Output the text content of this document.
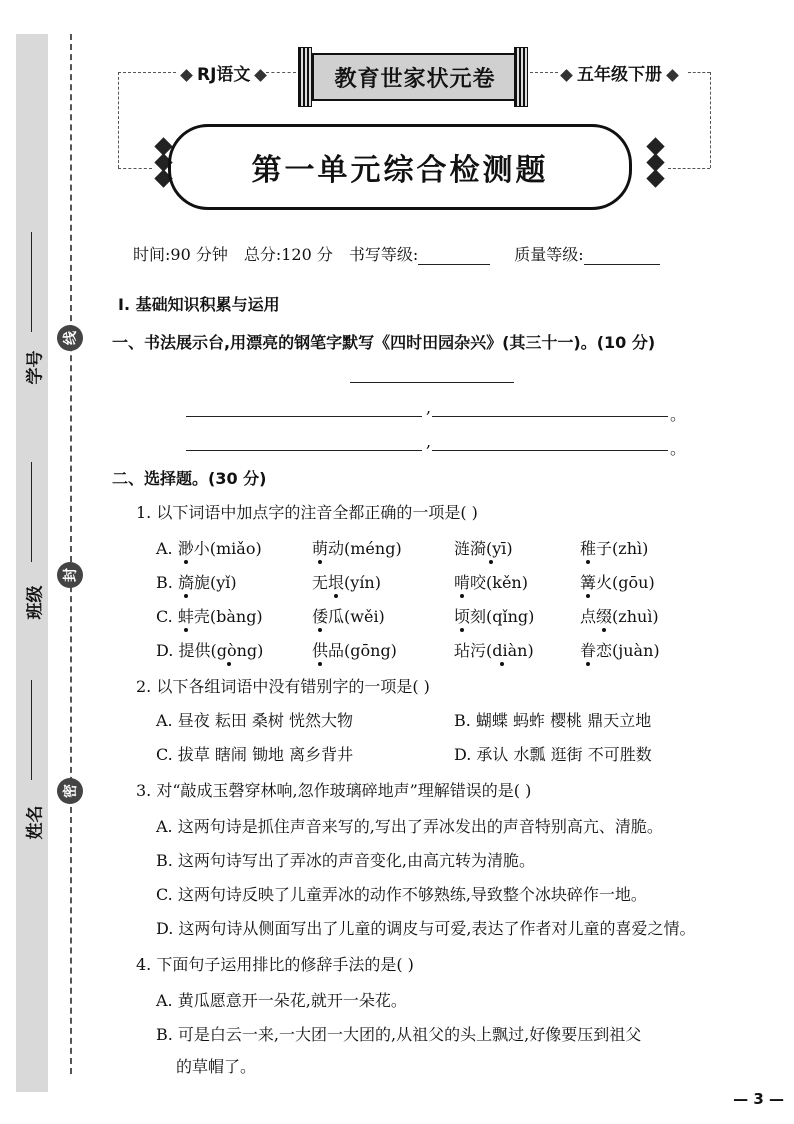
学号
班级
姓名
线
封
密
RJ语文	教育世家状元卷	五年级下册
第一单元综合检测题
时间:90 分钟 总分:120 分 书写等级:	质量等级:
Ⅰ. 基础知识积累与运用
一、书法展示台,用漂亮的钢笔字默写《四时田园杂兴》(其三十一)。(10 分)
,	。
,	。
二、选择题。(30 分)
1. 以下词语中加点字的注音全都正确的一项是( )
A. 渺小(miǎo)	萌动(méng)	涟漪(yī)	稚子(zhì)
B. 旖旎(yǐ)	无垠(yín)	啃咬(kěn)	篝火(gōu)
C. 蚌壳(bàng)	倭瓜(wěi)	顷刻(qǐng)	点缀(zhuì)
D. 提供(gòng)	供品(gōng)	玷污(diàn)	眷恋(juàn)
2. 以下各组词语中没有错别字的一项是( )
A. 昼夜 耘田 桑树 恍然大物	B. 蝴蝶 蚂蚱 樱桃 鼎天立地
C. 拔草 瞎闹 锄地 离乡背井	D. 承认 水瓢 逛街 不可胜数
3. 对“敲成玉磬穿林响,忽作玻璃碎地声”理解错误的是( )
A. 这两句诗是抓住声音来写的,写出了弄冰发出的声音特别高亢、清脆。
B. 这两句诗写出了弄冰的声音变化,由高亢转为清脆。
C. 这两句诗反映了儿童弄冰的动作不够熟练,导致整个冰块碎作一地。
D. 这两句诗从侧面写出了儿童的调皮与可爱,表达了作者对儿童的喜爱之情。
4. 下面句子运用排比的修辞手法的是( )
A. 黄瓜愿意开一朵花,就开一朵花。
B. 可是白云一来,一大团一大团的,从祖父的头上飘过,好像要压到祖父
的草帽了。
— 3 —
